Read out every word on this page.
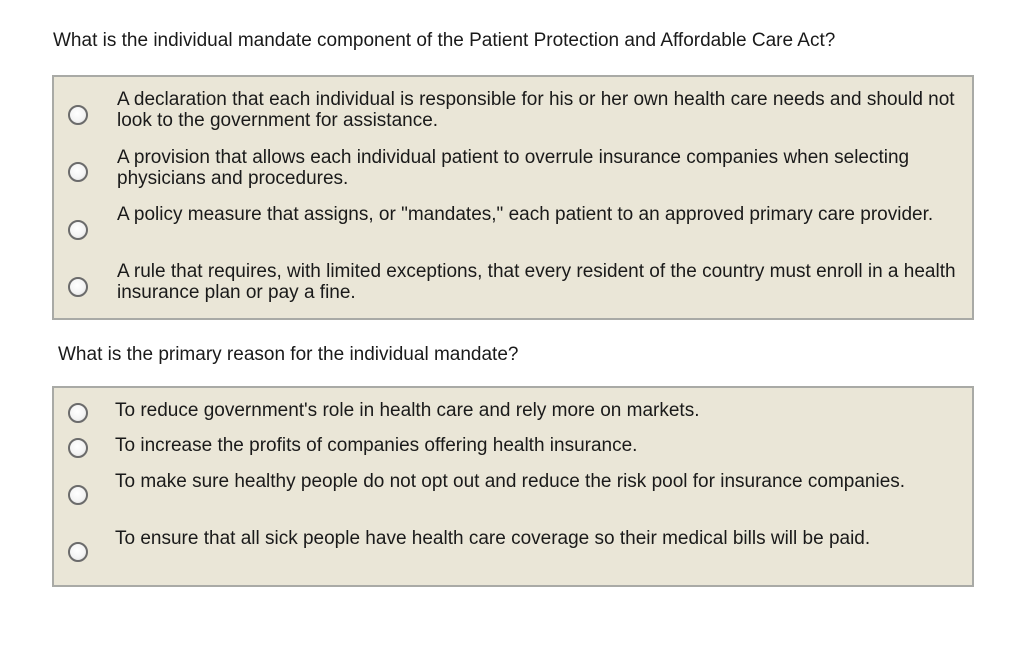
What is the individual mandate component of the Patient Protection and Affordable Care Act?
A declaration that each individual is responsible for his or her own health care needs and should not look to the government for assistance.
A provision that allows each individual patient to overrule insurance companies when selecting physicians and procedures.
A policy measure that assigns, or "mandates," each patient to an approved primary care provider.
A rule that requires, with limited exceptions, that every resident of the country must enroll in a health insurance plan or pay a fine.
What is the primary reason for the individual mandate?
To reduce government's role in health care and rely more on markets.
To increase the profits of companies offering health insurance.
To make sure healthy people do not opt out and reduce the risk pool for insurance companies.
To ensure that all sick people have health care coverage so their medical bills will be paid.
